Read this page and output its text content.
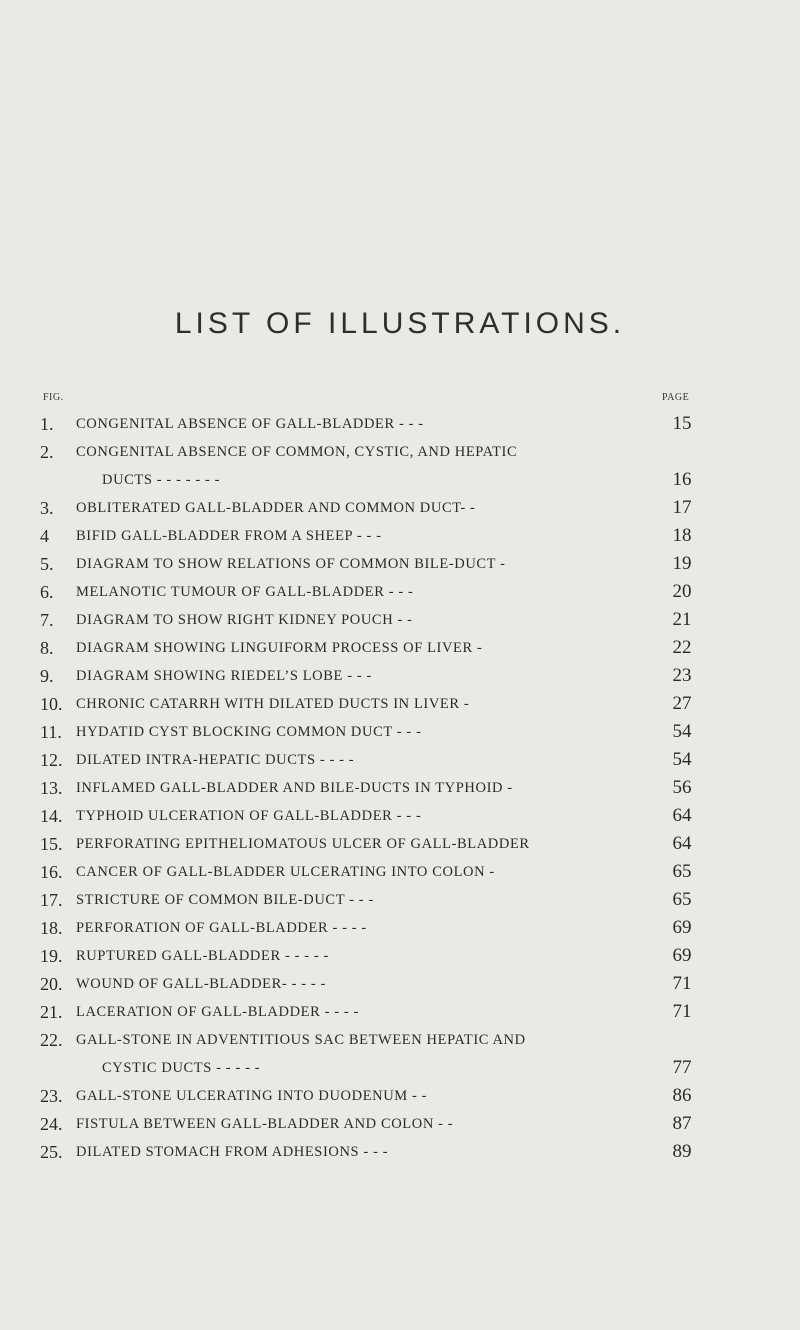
LIST OF ILLUSTRATIONS.
FIG.	PAGE
1.	CONGENITAL ABSENCE OF GALL-BLADDER - - -	15
2.	CONGENITAL ABSENCE OF COMMON, CYSTIC, AND HEPATIC
DUCTS - - - - - - -	16
3.	OBLITERATED GALL-BLADDER AND COMMON DUCT- -	17
4	BIFID GALL-BLADDER FROM A SHEEP - - -	18
5.	DIAGRAM TO SHOW RELATIONS OF COMMON BILE-DUCT -	19
6.	MELANOTIC TUMOUR OF GALL-BLADDER - - -	20
7.	DIAGRAM TO SHOW RIGHT KIDNEY POUCH - -	21
8.	DIAGRAM SHOWING LINGUIFORM PROCESS OF LIVER -	22
9.	DIAGRAM SHOWING RIEDEL’S LOBE - - -	23
10. CHRONIC CATARRH WITH DILATED DUCTS IN LIVER -	27
11. HYDATID CYST BLOCKING COMMON DUCT - - -	54
12. DILATED INTRA-HEPATIC DUCTS - - - -	54
13. INFLAMED GALL-BLADDER AND BILE-DUCTS IN TYPHOID -	56
14. TYPHOID ULCERATION OF GALL-BLADDER - - -	64
15. PERFORATING EPITHELIOMATOUS ULCER OF GALL-BLADDER	64
16. CANCER OF GALL-BLADDER ULCERATING INTO COLON -	65
17. STRICTURE OF COMMON BILE-DUCT - - -	65
18. PERFORATION OF GALL-BLADDER - - - -	69
19. RUPTURED GALL-BLADDER - - - - -	69
20. WOUND OF GALL-BLADDER- - - - -	71
21. LACERATION OF GALL-BLADDER - - - -	71
22. GALL-STONE IN ADVENTITIOUS SAC BETWEEN HEPATIC AND
CYSTIC DUCTS - - - - -	77
23. GALL-STONE ULCERATING INTO DUODENUM - -	86
24. FISTULA BETWEEN GALL-BLADDER AND COLON - -	87
25. DILATED STOMACH FROM ADHESIONS - - -	89
